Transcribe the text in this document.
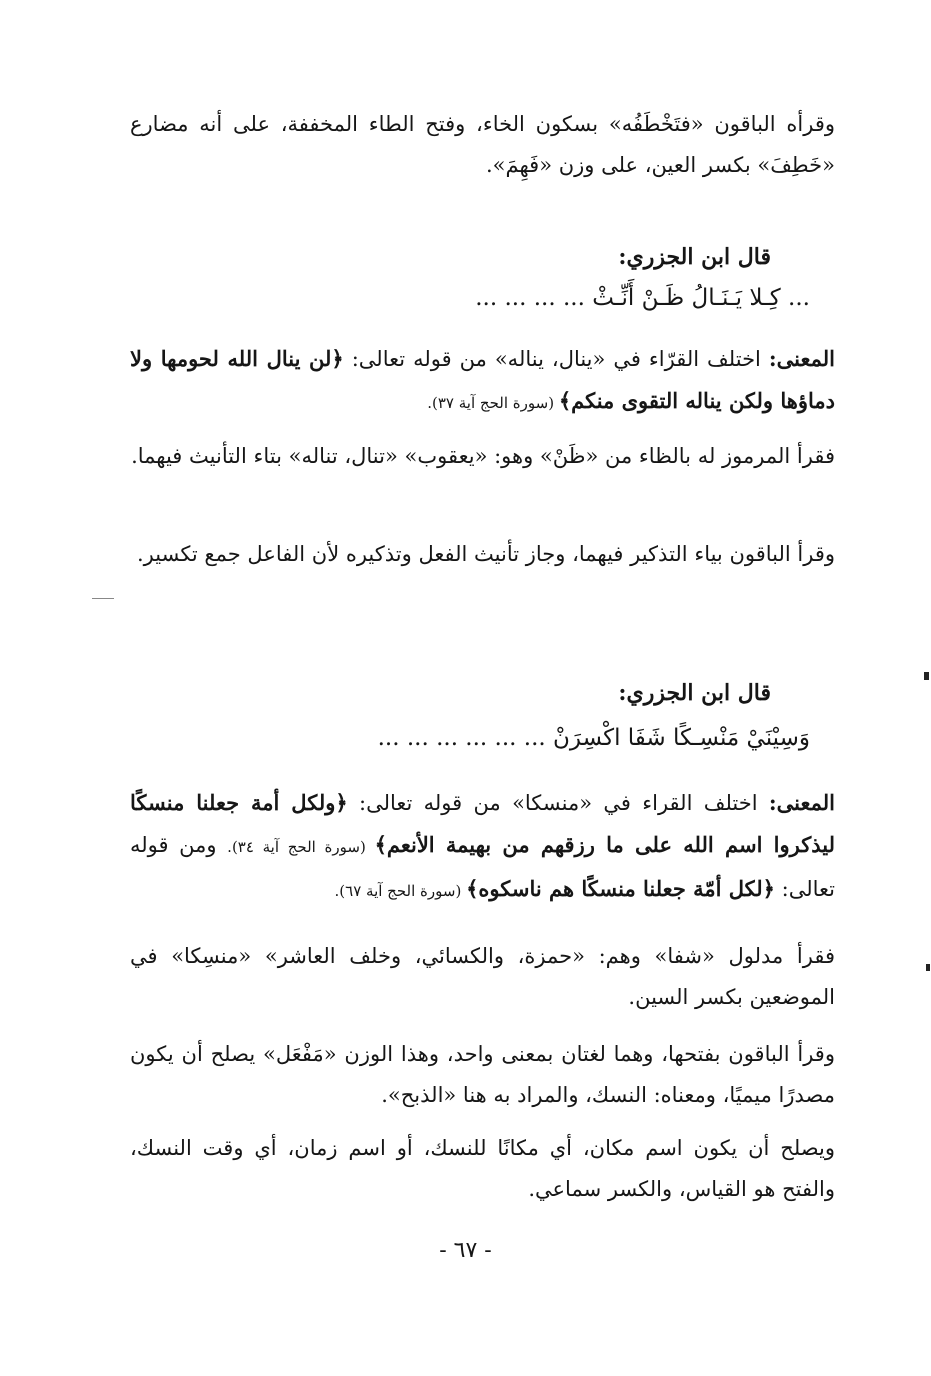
وقرأه الباقون «فتَخْطَفُه» بسكون الخاء، وفتح الطاء المخففة، على أنه مضارع «خَطِفَ» بكسر العين، على وزن «فَهِمَ».
قال ابن الجزري:
... كِـلا يَـنَـالُ ظَـنْ أَنِّـثْ ... ... ... ...
المعنى: اختلف القرّاء في «ينال، يناله» من قوله تعالى: ﴿لن ينال الله لحومها ولا دماؤها ولكن يناله التقوى منكم﴾ (سورة الحج آية ٣٧).
فقرأ المرموز له بالظاء من «ظَنْ» وهو: «يعقوب» «تنال، تناله» بتاء التأنيث فيهما.
وقرأ الباقون بياء التذكير فيهما، وجاز تأنيث الفعل وتذكيره لأن الفاعل جمع تكسير.
قال ابن الجزري:
وَسِيْنَيْ مَنْسِـكًا شَفَا اكْسِرَنْ ... ... ... ... ... ...
المعنى: اختلف القراء في «منسكا» من قوله تعالى: ﴿ولكل أمة جعلنا منسكًا ليذكروا اسم الله على ما رزقهم من بهيمة الأنعم﴾ (سورة الحج آية ٣٤). ومن قوله تعالى: ﴿لكل أمّة جعلنا منسكًا هم ناسكوه﴾ (سورة الحج آية ٦٧).
فقرأ مدلول «شفا» وهم: «حمزة، والكسائي، وخلف العاشر» «منسِكا» في الموضعين بكسر السين.
وقرأ الباقون بفتحها، وهما لغتان بمعنى واحد، وهذا الوزن «مَفْعَل» يصلح أن يكون مصدرًا ميميًا، ومعناه: النسك، والمراد به هنا «الذبح».
ويصلح أن يكون اسم مكان، أي مكانًا للنسك، أو اسم زمان، أي وقت النسك، والفتح هو القياس، والكسر سماعي.
- ٦٧ -
